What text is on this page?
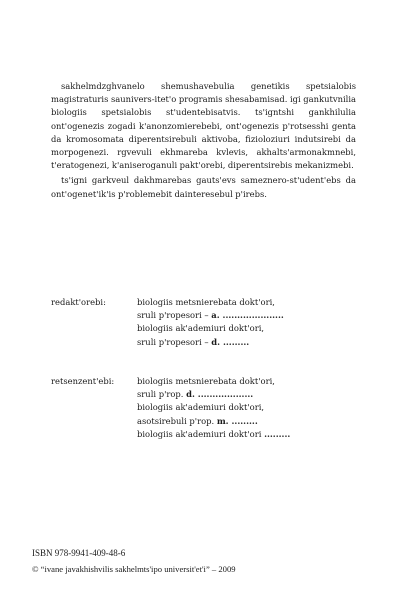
sakhelmdzghvanelo shemushavebulia genetikis spetsialobis magistraturis saunivers-itet'o programis shesabamisad. igi gankutvnilia biologiis spetsialobis st'udentebisatvis. ts'igntshi gankhilulia ont'ogenezis zogadi k'anonzomierebebi, ont'ogenezis p'rotsesshi genta da kromosomata diperentsirebuli aktivoba, fizioloziuri indutsirebi da morpogenezi. rgvevuli ekhmareba kvlevis, akhalts'armonakmnebi, t'eratogenezi, k'aniseroganuli pakt'orebi, diperentsirebis mekanizmebi.

ts'igni garkveul dakhmarebas gauts'evs sameznero-st'udent'ebs da ont'ogenet'ik'is p'roblemebit dainteresebul p'irebs.

redakt'orebi:	biologiis metsnierebata dokt'ori,
sruli p'ropesori – a. .....................
biologiis ak'ademiuri dokt'ori,
sruli p'ropesori – d. .........
retsenzent'ebi:	biologiis metsnierebata dokt'ori,
sruli p'rop. d. ...................
biologiis ak'ademiuri dokt'ori,
asotsirebuli p'rop. m. .........
biologiis ak'ademiuri dokt'ori .........
ISBN 978-9941-409-48-6
© “ivane javakhishvilis sakhelmts'ipo universit'et'i” – 2009
